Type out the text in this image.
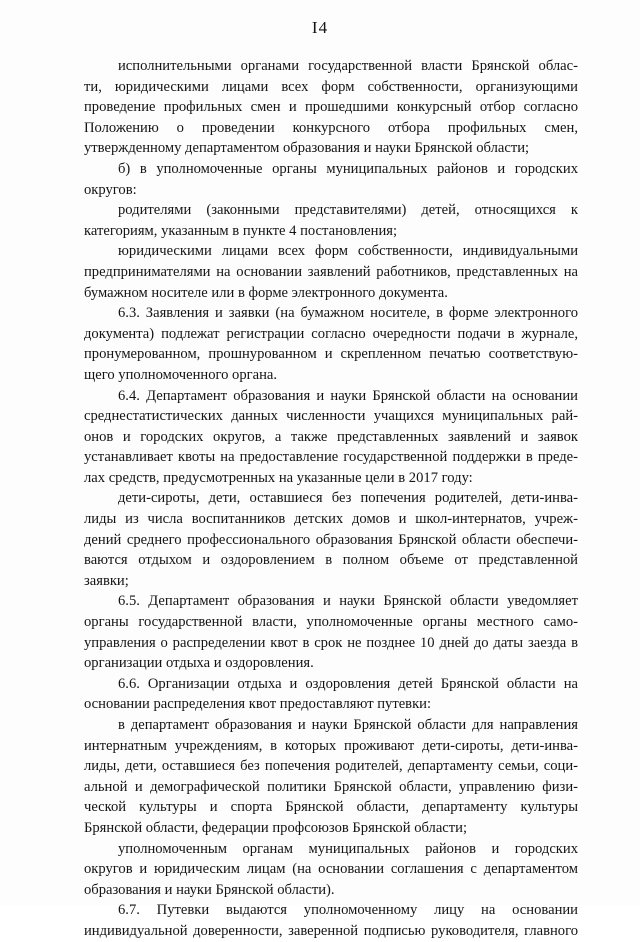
I4

исполнительными органами государственной власти Брянской облас-

ти, юридическими лицами всех форм собственности, организующими

проведение профильных смен и прошедшими конкурсный отбор согласно

Положению о проведении конкурсного отбора профильных смен,

утвержденному департаментом образования и науки Брянской области;

б) в уполномоченные органы муниципальных районов и городских

округов:

родителями (законными представителями) детей, относящихся к

категориям, указанным в пункте 4 постановления;

юридическими лицами всех форм собственности, индивидуальными

предпринимателями на основании заявлений работников, представленных на

бумажном носителе или в форме электронного документа.

6.3. Заявления и заявки (на бумажном носителе, в форме электронного

документа) подлежат регистрации согласно очередности подачи в журнале,

пронумерованном, прошнурованном и скрепленном печатью соответствую-

щего уполномоченного органа.

6.4. Департамент образования и науки Брянской области на основании

среднестатистических данных численности учащихся муниципальных рай-

онов и городских округов, а также представленных заявлений и заявок

устанавливает квоты на предоставление государственной поддержки в преде-

лах средств, предусмотренных на указанные цели в 2017 году:

дети-сироты, дети, оставшиеся без попечения родителей, дети-инва-

лиды из числа воспитанников детских домов и школ-интернатов, учреж-

дений среднего профессионального образования Брянской области обеспечи-

ваются отдыхом и оздоровлением в полном объеме от представленной

заявки;

6.5. Департамент образования и науки Брянской области уведомляет

органы государственной власти, уполномоченные органы местного само-

управления о распределении квот в срок не позднее 10 дней до даты заезда в

организации отдыха и оздоровления.

6.6. Организации отдыха и оздоровления детей Брянской области на

основании распределения квот предоставляют путевки:

в департамент образования и науки Брянской области для направления

интернатным учреждениям, в которых проживают дети-сироты, дети-инва-

лиды, дети, оставшиеся без попечения родителей, департаменту семьи, соци-

альной и демографической политики Брянской области, управлению физи-

ческой культуры и спорта Брянской области, департаменту культуры

Брянской области, федерации профсоюзов Брянской области;

уполномоченным органам муниципальных районов и городских

округов и юридическим лицам (на основании соглашения с департаментом

образования и науки Брянской области).

6.7. Путевки выдаются уполномоченному лицу на основании

индивидуальной доверенности, заверенной подписью руководителя, главного
